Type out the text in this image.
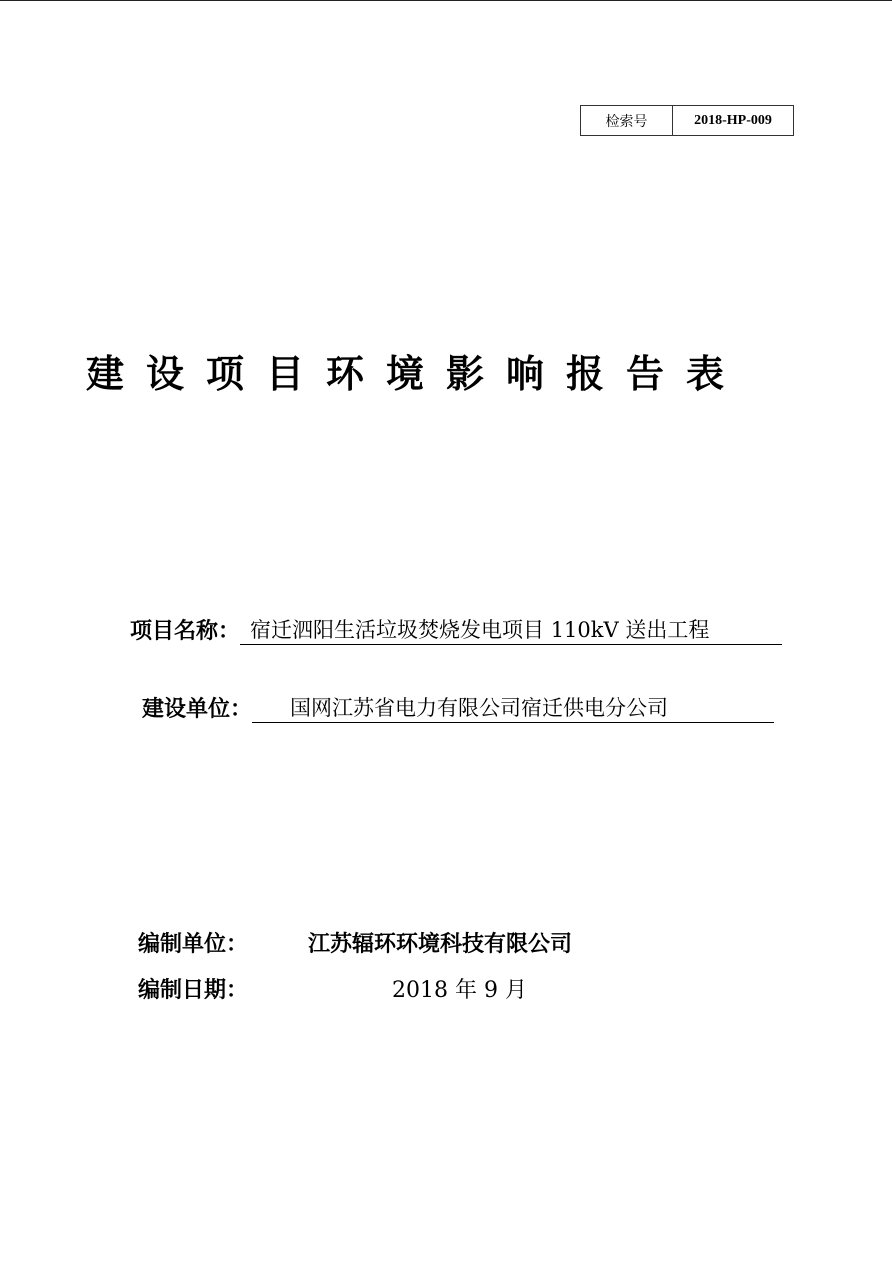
检索号	2018-HP-009
建设项目环境影响报告表
项目名称： 宿迁泗阳生活垃圾焚烧发电项目 110kV 送出工程
建设单位：	国网江苏省电力有限公司宿迁供电分公司
编制单位：	江苏辐环环境科技有限公司
编制日期：	2018 年 9 月
